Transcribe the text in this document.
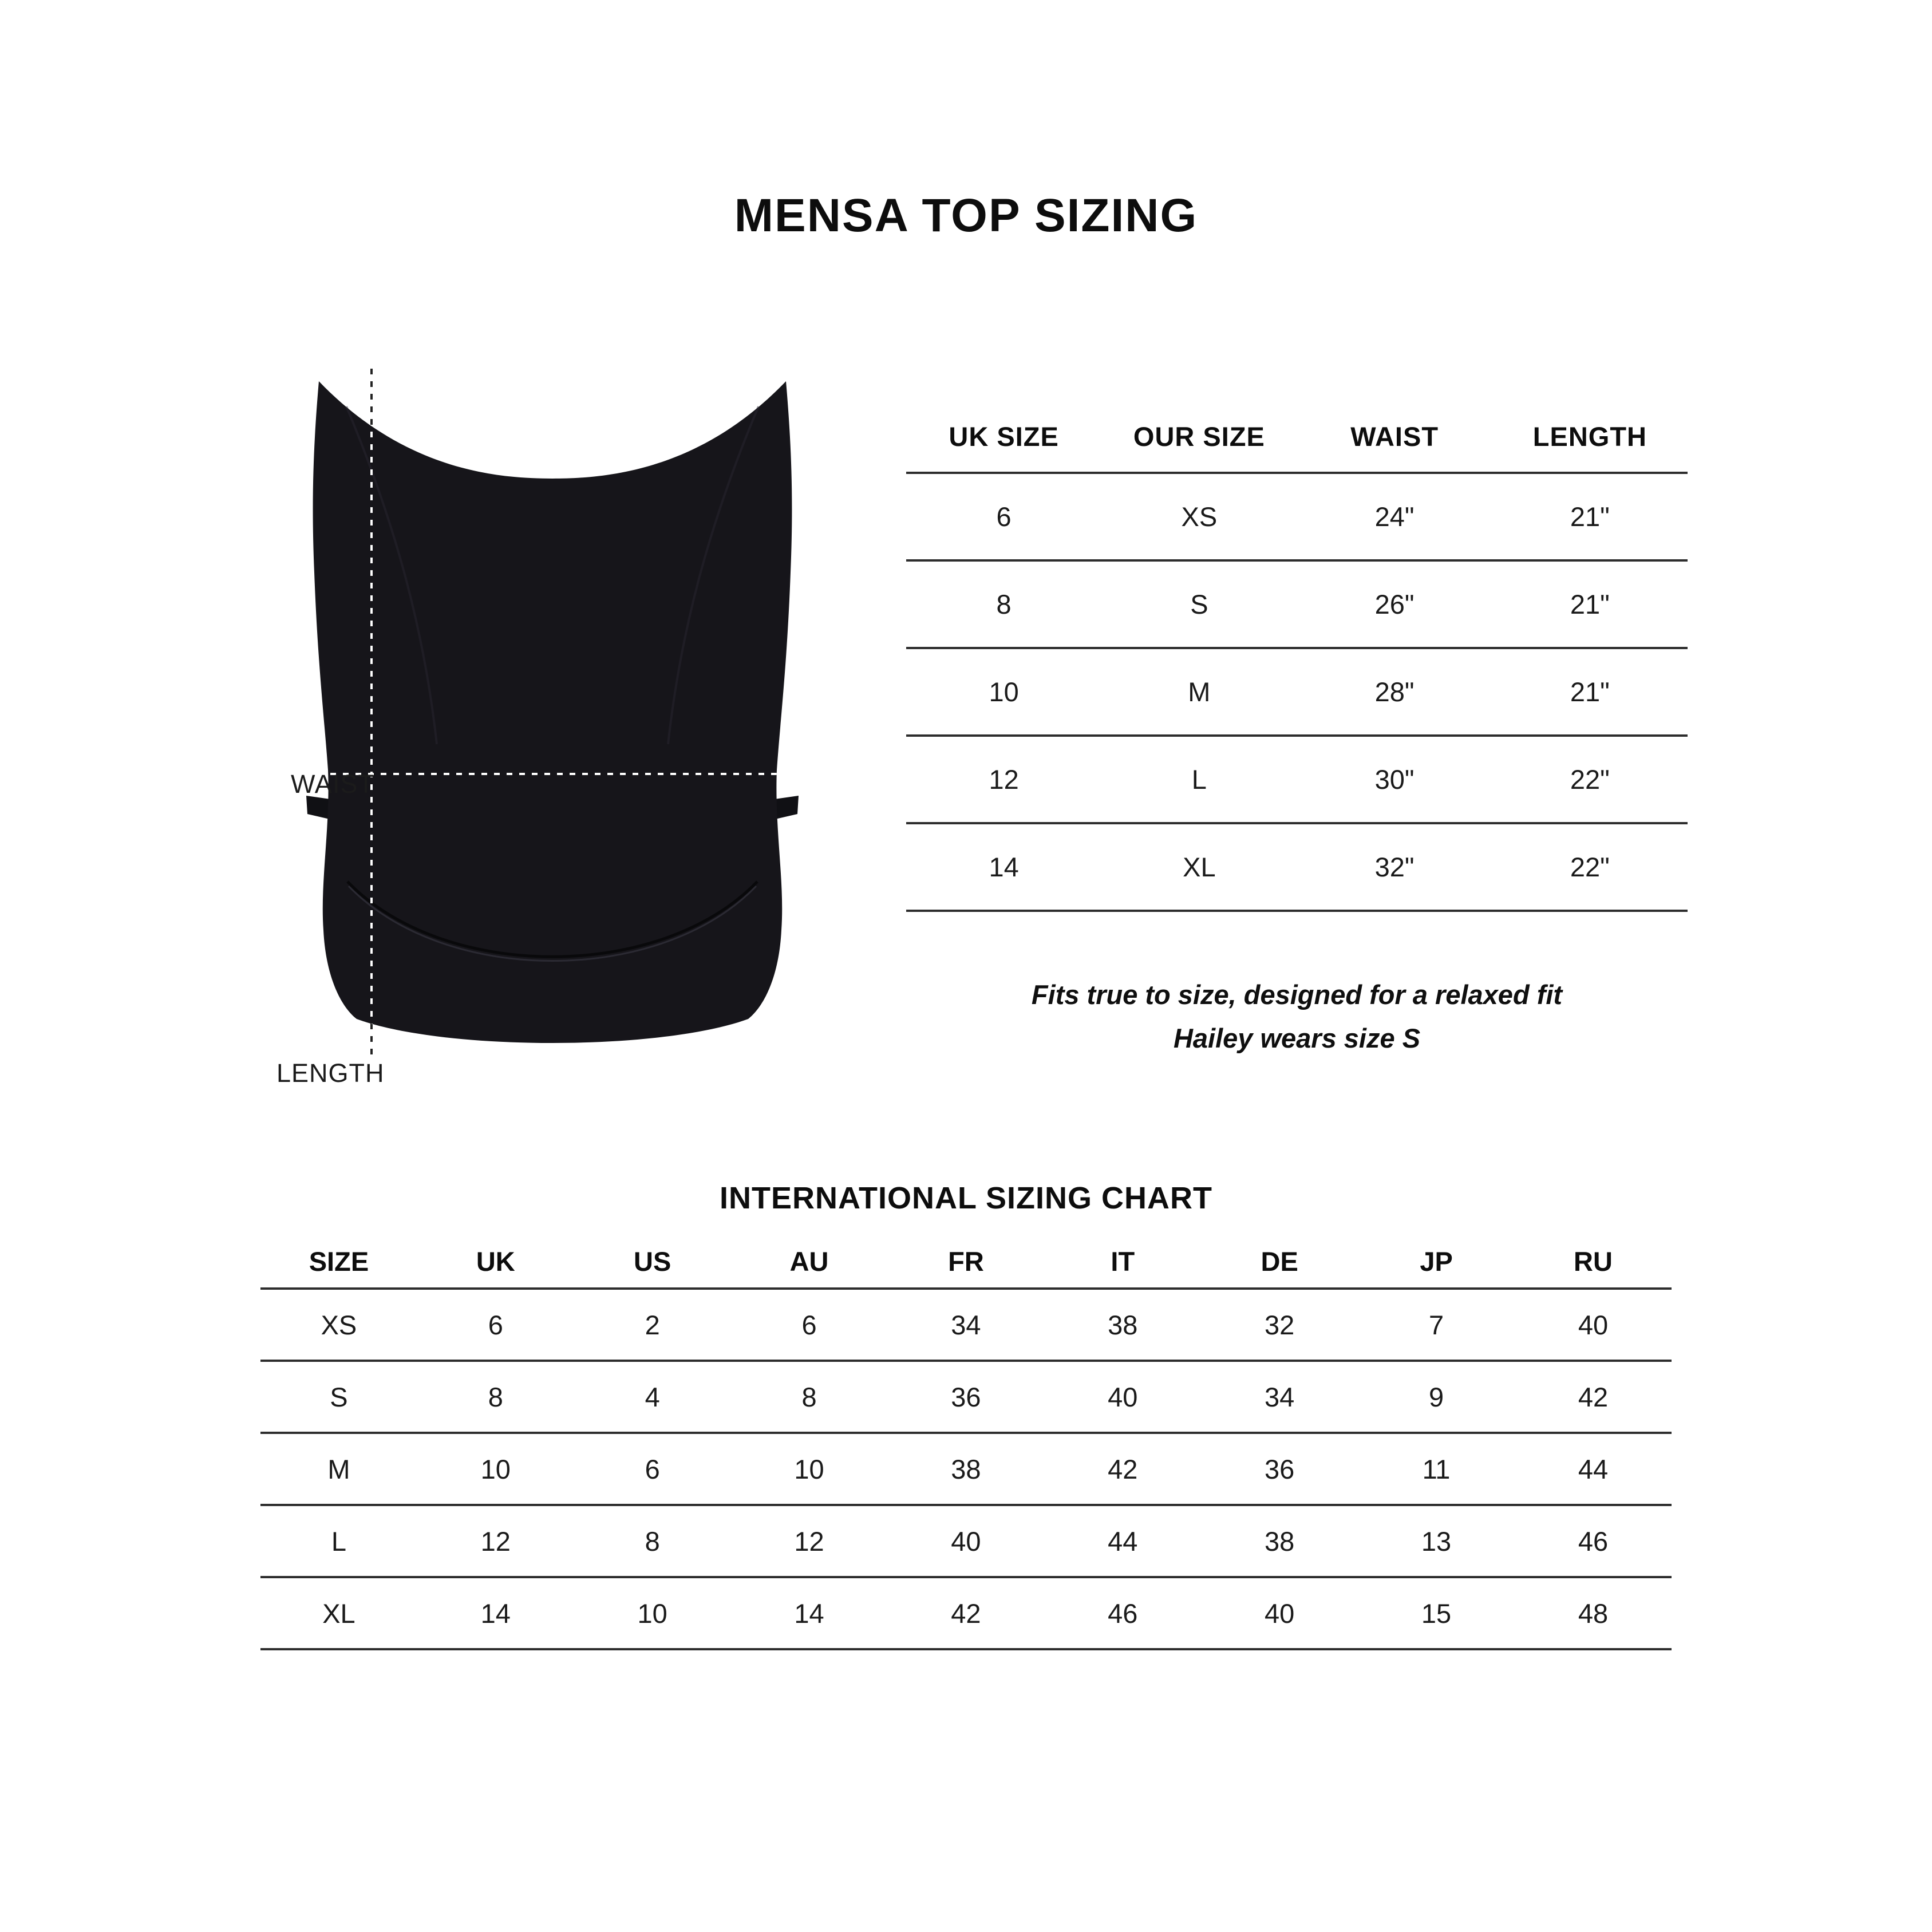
MENSA TOP SIZING
WAIST
LENGTH
UK SIZE	OUR SIZE	WAIST	LENGTH
6	XS	24"	21"
8	S	26"	21"
10	M	28"	21"
12	L	30"	22"
14	XL	32"	22"

Fits true to size, designed for a relaxed fit
Hailey wears size S

INTERNATIONAL SIZING CHART
SIZE	UK	US	AU	FR	IT	DE	JP	RU
XS	6	2	6	34	38	32	7	40
S	8	4	8	36	40	34	9	42
M	10	6	10	38	42	36	11	44
L	12	8	12	40	44	38	13	46
XL	14	10	14	42	46	40	15	48
